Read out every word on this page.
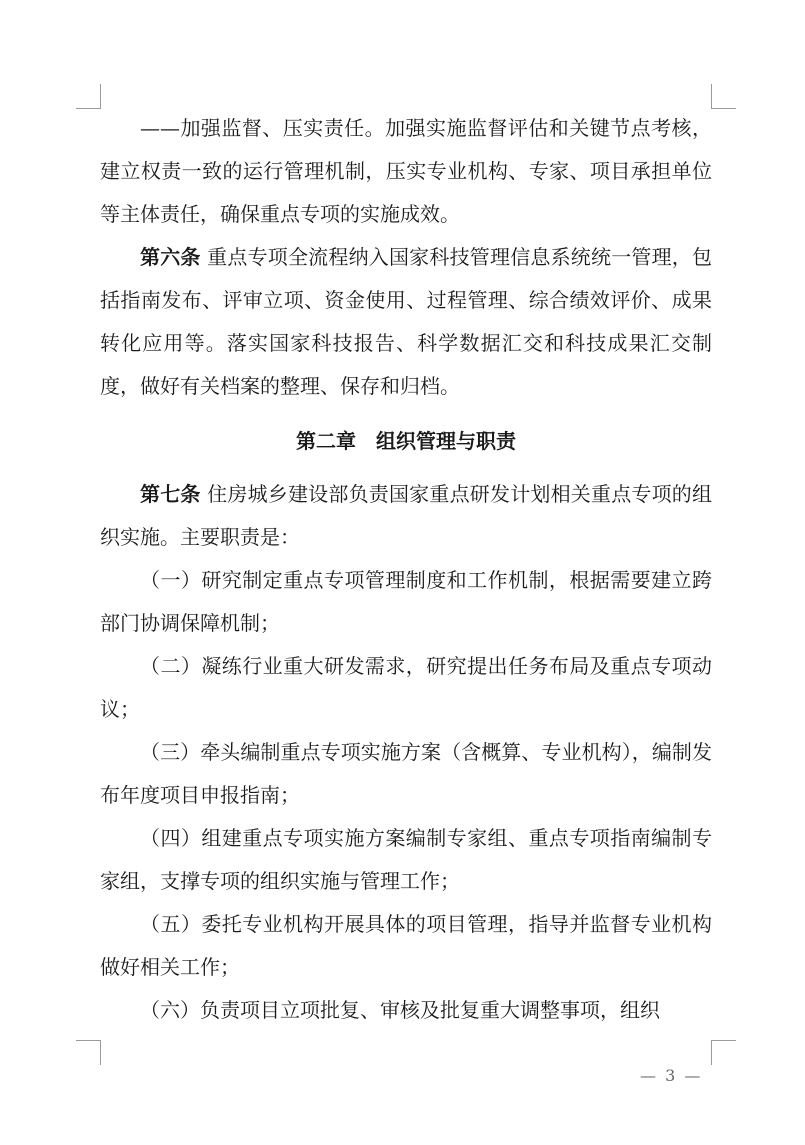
——加强监督、压实责任。加强实施监督评估和关键节点考核，建立权责一致的运行管理机制，压实专业机构、专家、项目承担单位等主体责任，确保重点专项的实施成效。

第六条 重点专项全流程纳入国家科技管理信息系统统一管理，包括指南发布、评审立项、资金使用、过程管理、综合绩效评价、成果转化应用等。落实国家科技报告、科学数据汇交和科技成果汇交制度，做好有关档案的整理、保存和归档。

第二章　组织管理与职责

第七条 住房城乡建设部负责国家重点研发计划相关重点专项的组织实施。主要职责是：

（一）研究制定重点专项管理制度和工作机制，根据需要建立跨部门协调保障机制；

（二）凝练行业重大研发需求，研究提出任务布局及重点专项动议；

（三）牵头编制重点专项实施方案（含概算、专业机构），编制发布年度项目申报指南；

（四）组建重点专项实施方案编制专家组、重点专项指南编制专家组，支撑专项的组织实施与管理工作；

（五）委托专业机构开展具体的项目管理，指导并监督专业机构做好相关工作；

（六）负责项目立项批复、审核及批复重大调整事项，组织

— 3 —
